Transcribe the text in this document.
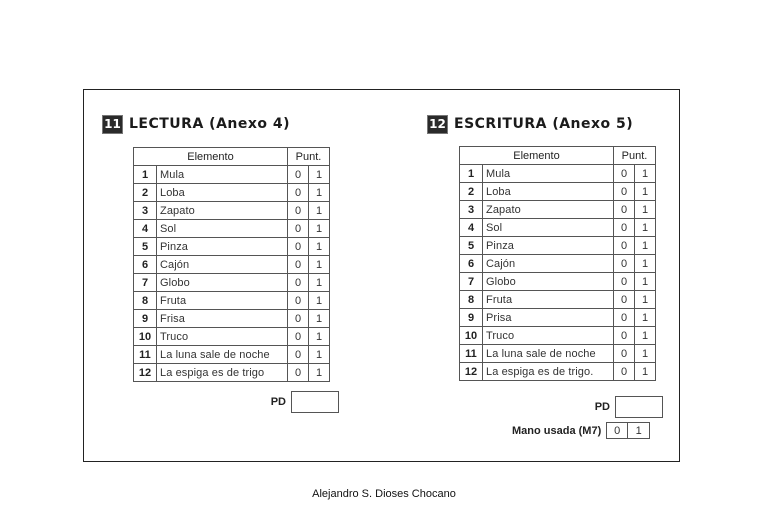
11 LECTURA (Anexo 4)
Elemento		Punt.	
1	Mula	0	1
2	Loba	0	1
3	Zapato	0	1
4	Sol	0	1
5	Pinza	0	1
6	Cajón	0	1
7	Globo	0	1
8	Fruta	0	1
9	Frisa	0	1
10	Truco	0	1
11	La luna sale de noche	0	1
12	La espiga es de trigo	0	1
PD
12 ESCRITURA (Anexo 5)
Elemento		Punt.	
1	Mula	0	1
2	Loba	0	1
3	Zapato	0	1
4	Sol	0	1
5	Pinza	0	1
6	Cajón	0	1
7	Globo	0	1
8	Fruta	0	1
9	Prisa	0	1
10	Truco	0	1
11	La luna sale de noche	0	1
12	La espiga es de trigo.	0	1
PD
Mano usada (M7)	0	1
Alejandro S. Dioses Chocano
